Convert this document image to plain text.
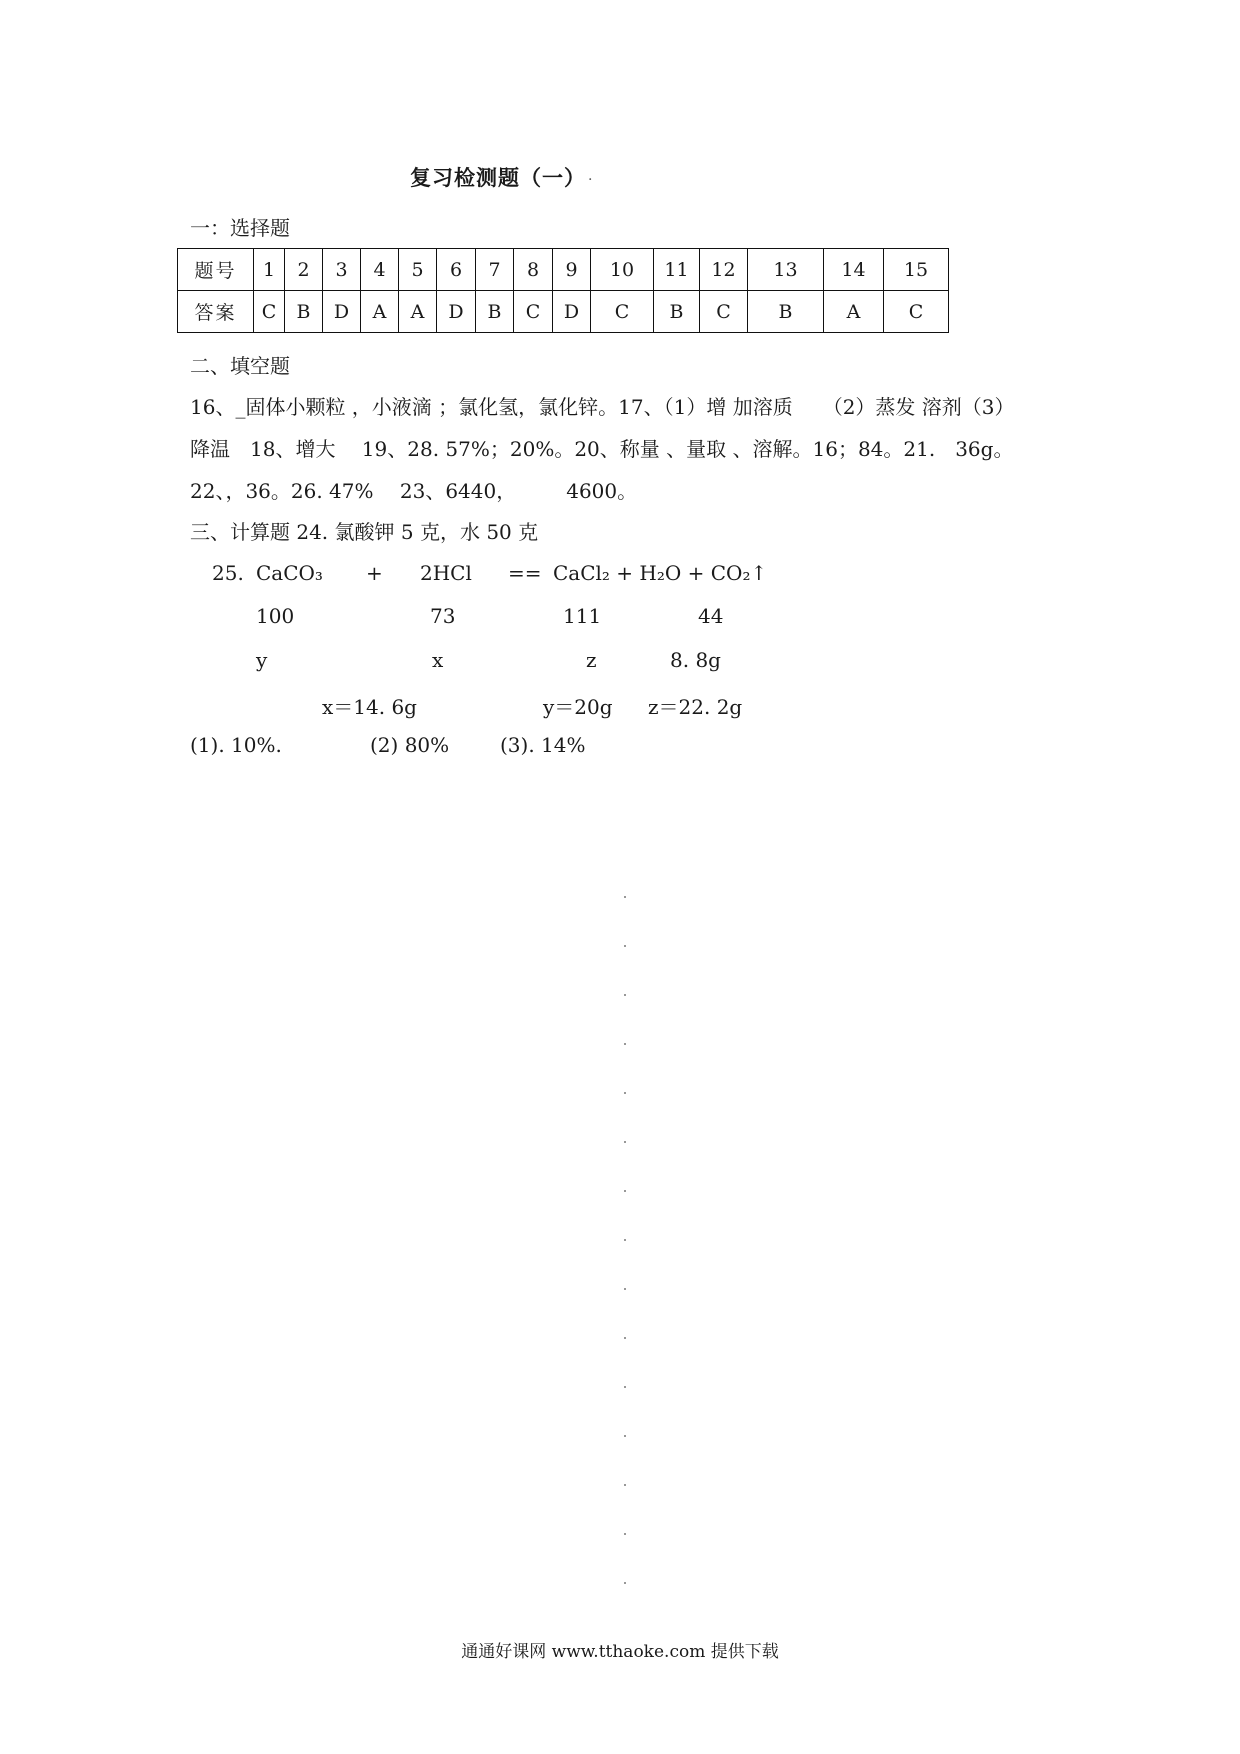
复习检测题（一） .
一：选择题
题号	1	2	3	4	5	6	7	8	9	10	11	12	13	14	15
答案	C	B	D	A	A	D	B	C	D	C	B	C	B	A	C
二、填空题
16、_固体小颗粒 ，小液滴 ；氯化氢，氯化锌。17、（1）增 加溶质　　（2）蒸发 溶剂（3）
降温　18、增大　 19、28. 57%；20%。20、称量 、量取 、溶解。16；84。21.　36g。
22、，36。26. 47%　 23、6440，　　　4600。
三、计算题 24. 氯酸钾 5 克，水 50 克
25. CaCO₃ + 2HCl == CaCl₂ + H₂O + CO₂↑
100	73	111	44
y	x	z	8. 8g
x＝14. 6g	y＝20g z＝22. 2g
(1). 10%.	(2) 80%	(3). 14%
通通好课网 www.tthaoke.com 提供下载
